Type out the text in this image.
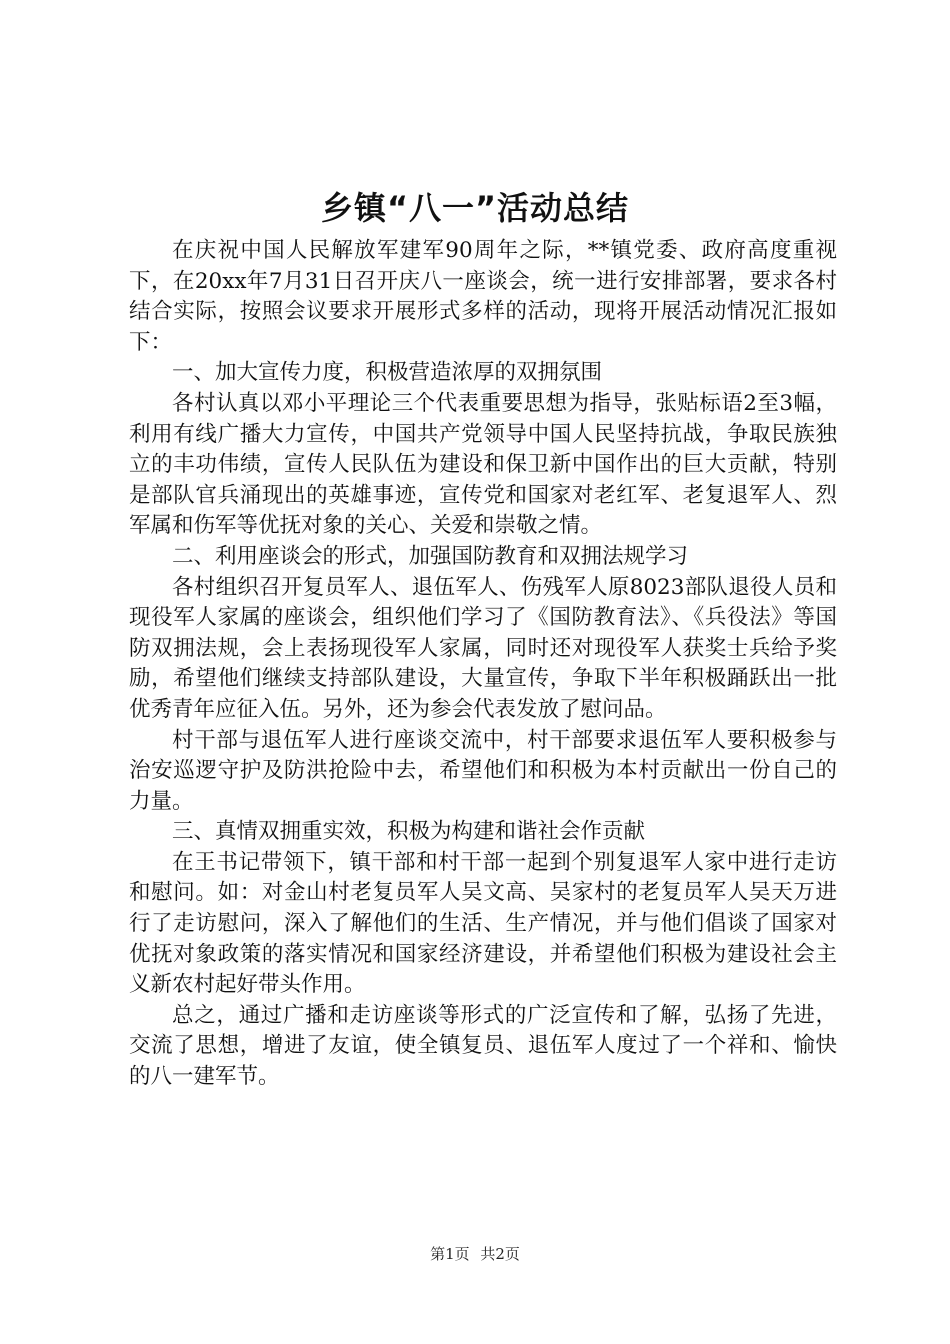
乡镇“八一”活动总结

在庆祝中国人民解放军建军90周年之际，**镇党委、政府高度重视下，在20xx年7月31日召开庆八一座谈会，统一进行安排部署，要求各村结合实际，按照会议要求开展形式多样的活动，现将开展活动情况汇报如下：

一、加大宣传力度，积极营造浓厚的双拥氛围

各村认真以邓小平理论三个代表重要思想为指导，张贴标语2至3幅，利用有线广播大力宣传，中国共产党领导中国人民坚持抗战，争取民族独立的丰功伟绩，宣传人民队伍为建设和保卫新中国作出的巨大贡献，特别是部队官兵涌现出的英雄事迹，宣传党和国家对老红军、老复退军人、烈军属和伤军等优抚对象的关心、关爱和崇敬之情。

二、利用座谈会的形式，加强国防教育和双拥法规学习

各村组织召开复员军人、退伍军人、伤残军人原8023部队退役人员和现役军人家属的座谈会，组织他们学习了《国防教育法》、《兵役法》等国防双拥法规，会上表扬现役军人家属，同时还对现役军人获奖士兵给予奖励，希望他们继续支持部队建设，大量宣传，争取下半年积极踊跃出一批优秀青年应征入伍。另外，还为参会代表发放了慰问品。

村干部与退伍军人进行座谈交流中，村干部要求退伍军人要积极参与治安巡逻守护及防洪抢险中去，希望他们和积极为本村贡献出一份自己的力量。

三、真情双拥重实效，积极为构建和谐社会作贡献

在王书记带领下，镇干部和村干部一起到个别复退军人家中进行走访和慰问。如：对金山村老复员军人吴文高、吴家村的老复员军人吴天万进行了走访慰问，深入了解他们的生活、生产情况，并与他们倡谈了国家对优抚对象政策的落实情况和国家经济建设，并希望他们积极为建设社会主义新农村起好带头作用。

总之，通过广播和走访座谈等形式的广泛宣传和了解，弘扬了先进，交流了思想，增进了友谊，使全镇复员、退伍军人度过了一个祥和、愉快的八一建军节。

第1页 共2页
